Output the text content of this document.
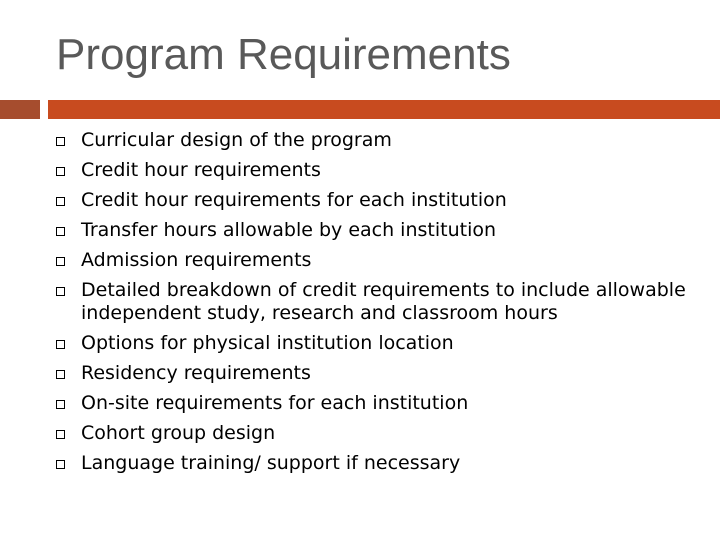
Program Requirements
Curricular design of the program
Credit hour requirements
Credit hour requirements for each institution
Transfer hours allowable by each institution
Admission requirements
Detailed breakdown of credit requirements to include allowable independent study, research and classroom hours
Options for physical institution location
Residency requirements
On-site requirements for each institution
Cohort group design
Language training/ support if necessary
